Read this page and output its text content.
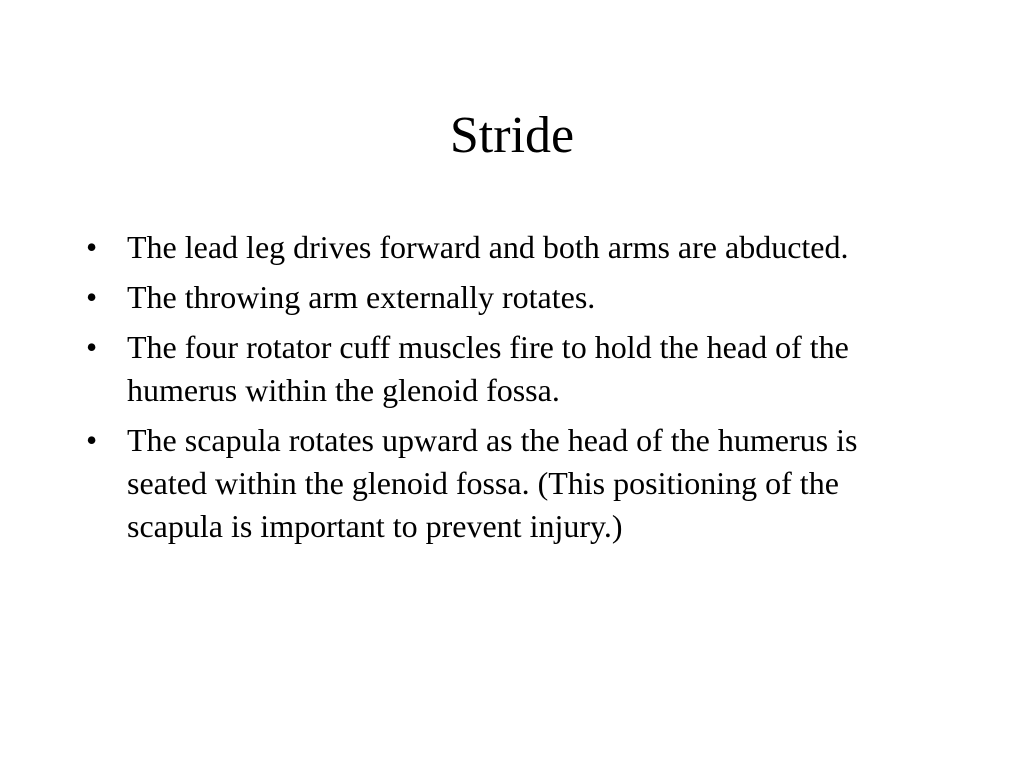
Stride
• The lead leg drives forward and both arms are abducted.
• The throwing arm externally rotates.
• The four rotator cuff muscles fire to hold the head of the humerus within the glenoid fossa.
• The scapula rotates upward as the head of the humerus is seated within the glenoid fossa. (This positioning of the scapula is important to prevent injury.)
